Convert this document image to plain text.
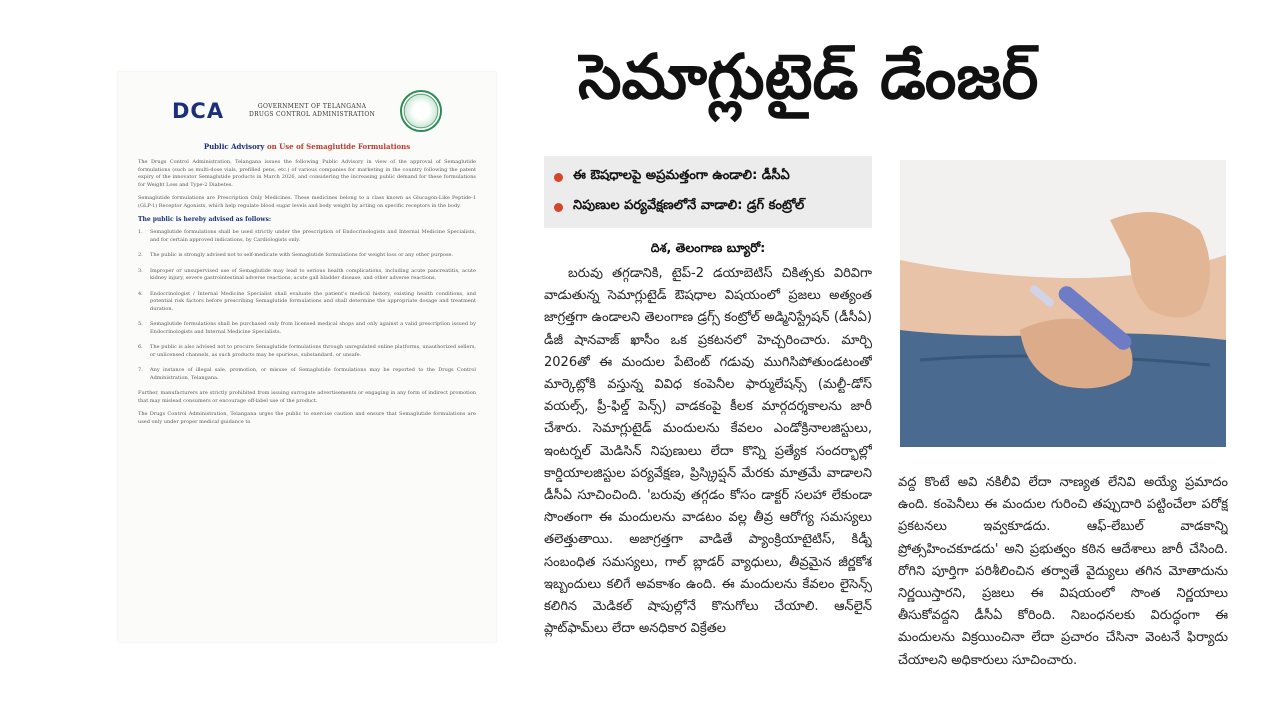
DCA	GOVERNMENT OF TELANGANA
DRUGS CONTROL ADMINISTRATION
Public Advisory on Use of Semaglutide Formulations

The Drugs Control Administration, Telangana issues the following Public Advisory in view of the approval of Semaglutide formulations (such as multi-dose vials, prefilled pens, etc.) of various companies for marketing in the country following the patent expiry of the innovator Semaglutide products in March 2026, and considering the increasing public demand for these formulations for Weight Loss and Type-2 Diabetes.

Semaglutide formulations are Prescription Only Medicines. These medicines belong to a class known as Glucagon-Like Peptide-1 (GLP-1) Receptor Agonists, which help regulate blood sugar levels and body weight by acting on specific receptors in the body.

The public is hereby advised as follows:
1. Semaglutide formulations shall be used strictly under the prescription of Endocrinologists and Internal Medicine Specialists, and for certain approved indications, by Cardiologists only.
2. The public is strongly advised not to self-medicate with Semaglutide formulations for weight loss or any other purpose.
3. Improper or unsupervised use of Semaglutide may lead to serious health complications, including acute pancreatitis, acute kidney injury, severe gastrointestinal adverse reactions, acute gall bladder disease, and other adverse reactions.
4. Endocrinologist / Internal Medicine Specialist shall evaluate the patient's medical history, existing health conditions, and potential risk factors before prescribing Semaglutide formulations and shall determine the appropriate dosage and treatment duration.
5. Semaglutide formulations shall be purchased only from licensed medical shops and only against a valid prescription issued by Endocrinologists and Internal Medicine Specialists.
6. The public is also advised not to procure Semaglutide formulations through unregulated online platforms, unauthorized sellers, or unlicensed channels, as such products may be spurious, substandard, or unsafe.
7. Any instance of illegal sale, promotion, or misuse of Semaglutide formulations may be reported to the Drugs Control Administration, Telangana.

Further, manufacturers are strictly prohibited from issuing surrogate advertisements or engaging in any form of indirect promotion that may mislead consumers or encourage off-label use of the product.

The Drugs Control Administration, Telangana urges the public to exercise caution and ensure that Semaglutide formulations are used only under proper medical guidance to

సెమాగ్లుటైడ్ డేంజర్
ఈ ఔషధాలపై అప్రమత్తంగా ఉండాలి: డీసీఏ
నిపుణుల పర్యవేక్షణలోనే వాడాలి: డ్రగ్ కంట్రోల్
దిశ, తెలంగాణ బ్యూరో:
బరువు తగ్గడానికి, టైప్-2 డయాబెటిస్ చికిత్సకు విరివిగా వాడుతున్న సెమాగ్లుటైడ్ ఔషధాల విషయంలో ప్రజలు అత్యంత జాగ్రత్తగా ఉండాలని తెలంగాణ డ్రగ్స్ కంట్రోల్ అడ్మినిస్ట్రేషన్ (డీసీఏ) డీజీ షానవాజ్ ఖాసీం ఒక ప్రకటనలో హెచ్చరించారు. మార్చి 2026తో ఈ మందుల పేటెంట్ గడువు ముగిసిపోతుండటంతో మార్కెట్లోకి వస్తున్న వివిధ కంపెనీల ఫార్ములేషన్స్ (మల్టీ-డోస్ వయల్స్, ప్రీ-ఫిల్డ్ పెన్స్) వాడకంపై కీలక మార్గదర్శకాలను జారీ చేశారు. సెమాగ్లుటైడ్ మందులను కేవలం ఎండోక్రినాలజిస్టులు, ఇంటర్నల్ మెడిసిన్ నిపుణులు లేదా కొన్ని ప్రత్యేక సందర్భాల్లో కార్డియాలజిస్టుల పర్యవేక్షణ, ప్రిస్క్రిప్షన్ మేరకు మాత్రమే వాడాలని డీసీఏ సూచించింది. 'బరువు తగ్గడం కోసం డాక్టర్ సలహా లేకుండా సొంతంగా ఈ మందులను వాడటం వల్ల తీవ్ర ఆరోగ్య సమస్యలు తలెత్తుతాయి. అజాగ్రత్తగా వాడితే ప్యాంక్రియాటైటిస్, కిడ్నీ సంబంధిత సమస్యలు, గాల్ బ్లాడర్ వ్యాధులు, తీవ్రమైన జీర్ణకోశ ఇబ్బందులు కలిగే అవకాశం ఉంది. ఈ మందులను కేవలం లైసెన్స్ కలిగిన మెడికల్ షాపుల్లోనే కొనుగోలు చేయాలి. ఆన్‌లైన్ ప్లాట్‌ఫామ్‌లు లేదా అనధికార విక్రేతల
వద్ద కొంటే అవి నకిలీవి లేదా నాణ్యత లేనివి అయ్యే ప్రమాదం ఉంది. కంపెనీలు ఈ మందుల గురించి తప్పుదారి పట్టించేలా పరోక్ష ప్రకటనలు ఇవ్వకూడదు. ఆఫ్-లేబుల్ వాడకాన్ని ప్రోత్సహించకూడదు' అని ప్రభుత్వం కఠిన ఆదేశాలు జారీ చేసింది. రోగిని పూర్తిగా పరిశీలించిన తర్వాతే వైద్యులు తగిన మోతాదును నిర్ణయిస్తారని, ప్రజలు ఈ విషయంలో సొంత నిర్ణయాలు తీసుకోవద్దని డీసీఏ కోరింది. నిబంధనలకు విరుద్ధంగా ఈ మందులను విక్రయించినా లేదా ప్రచారం చేసినా వెంటనే ఫిర్యాదు చేయాలని అధికారులు సూచించారు.
